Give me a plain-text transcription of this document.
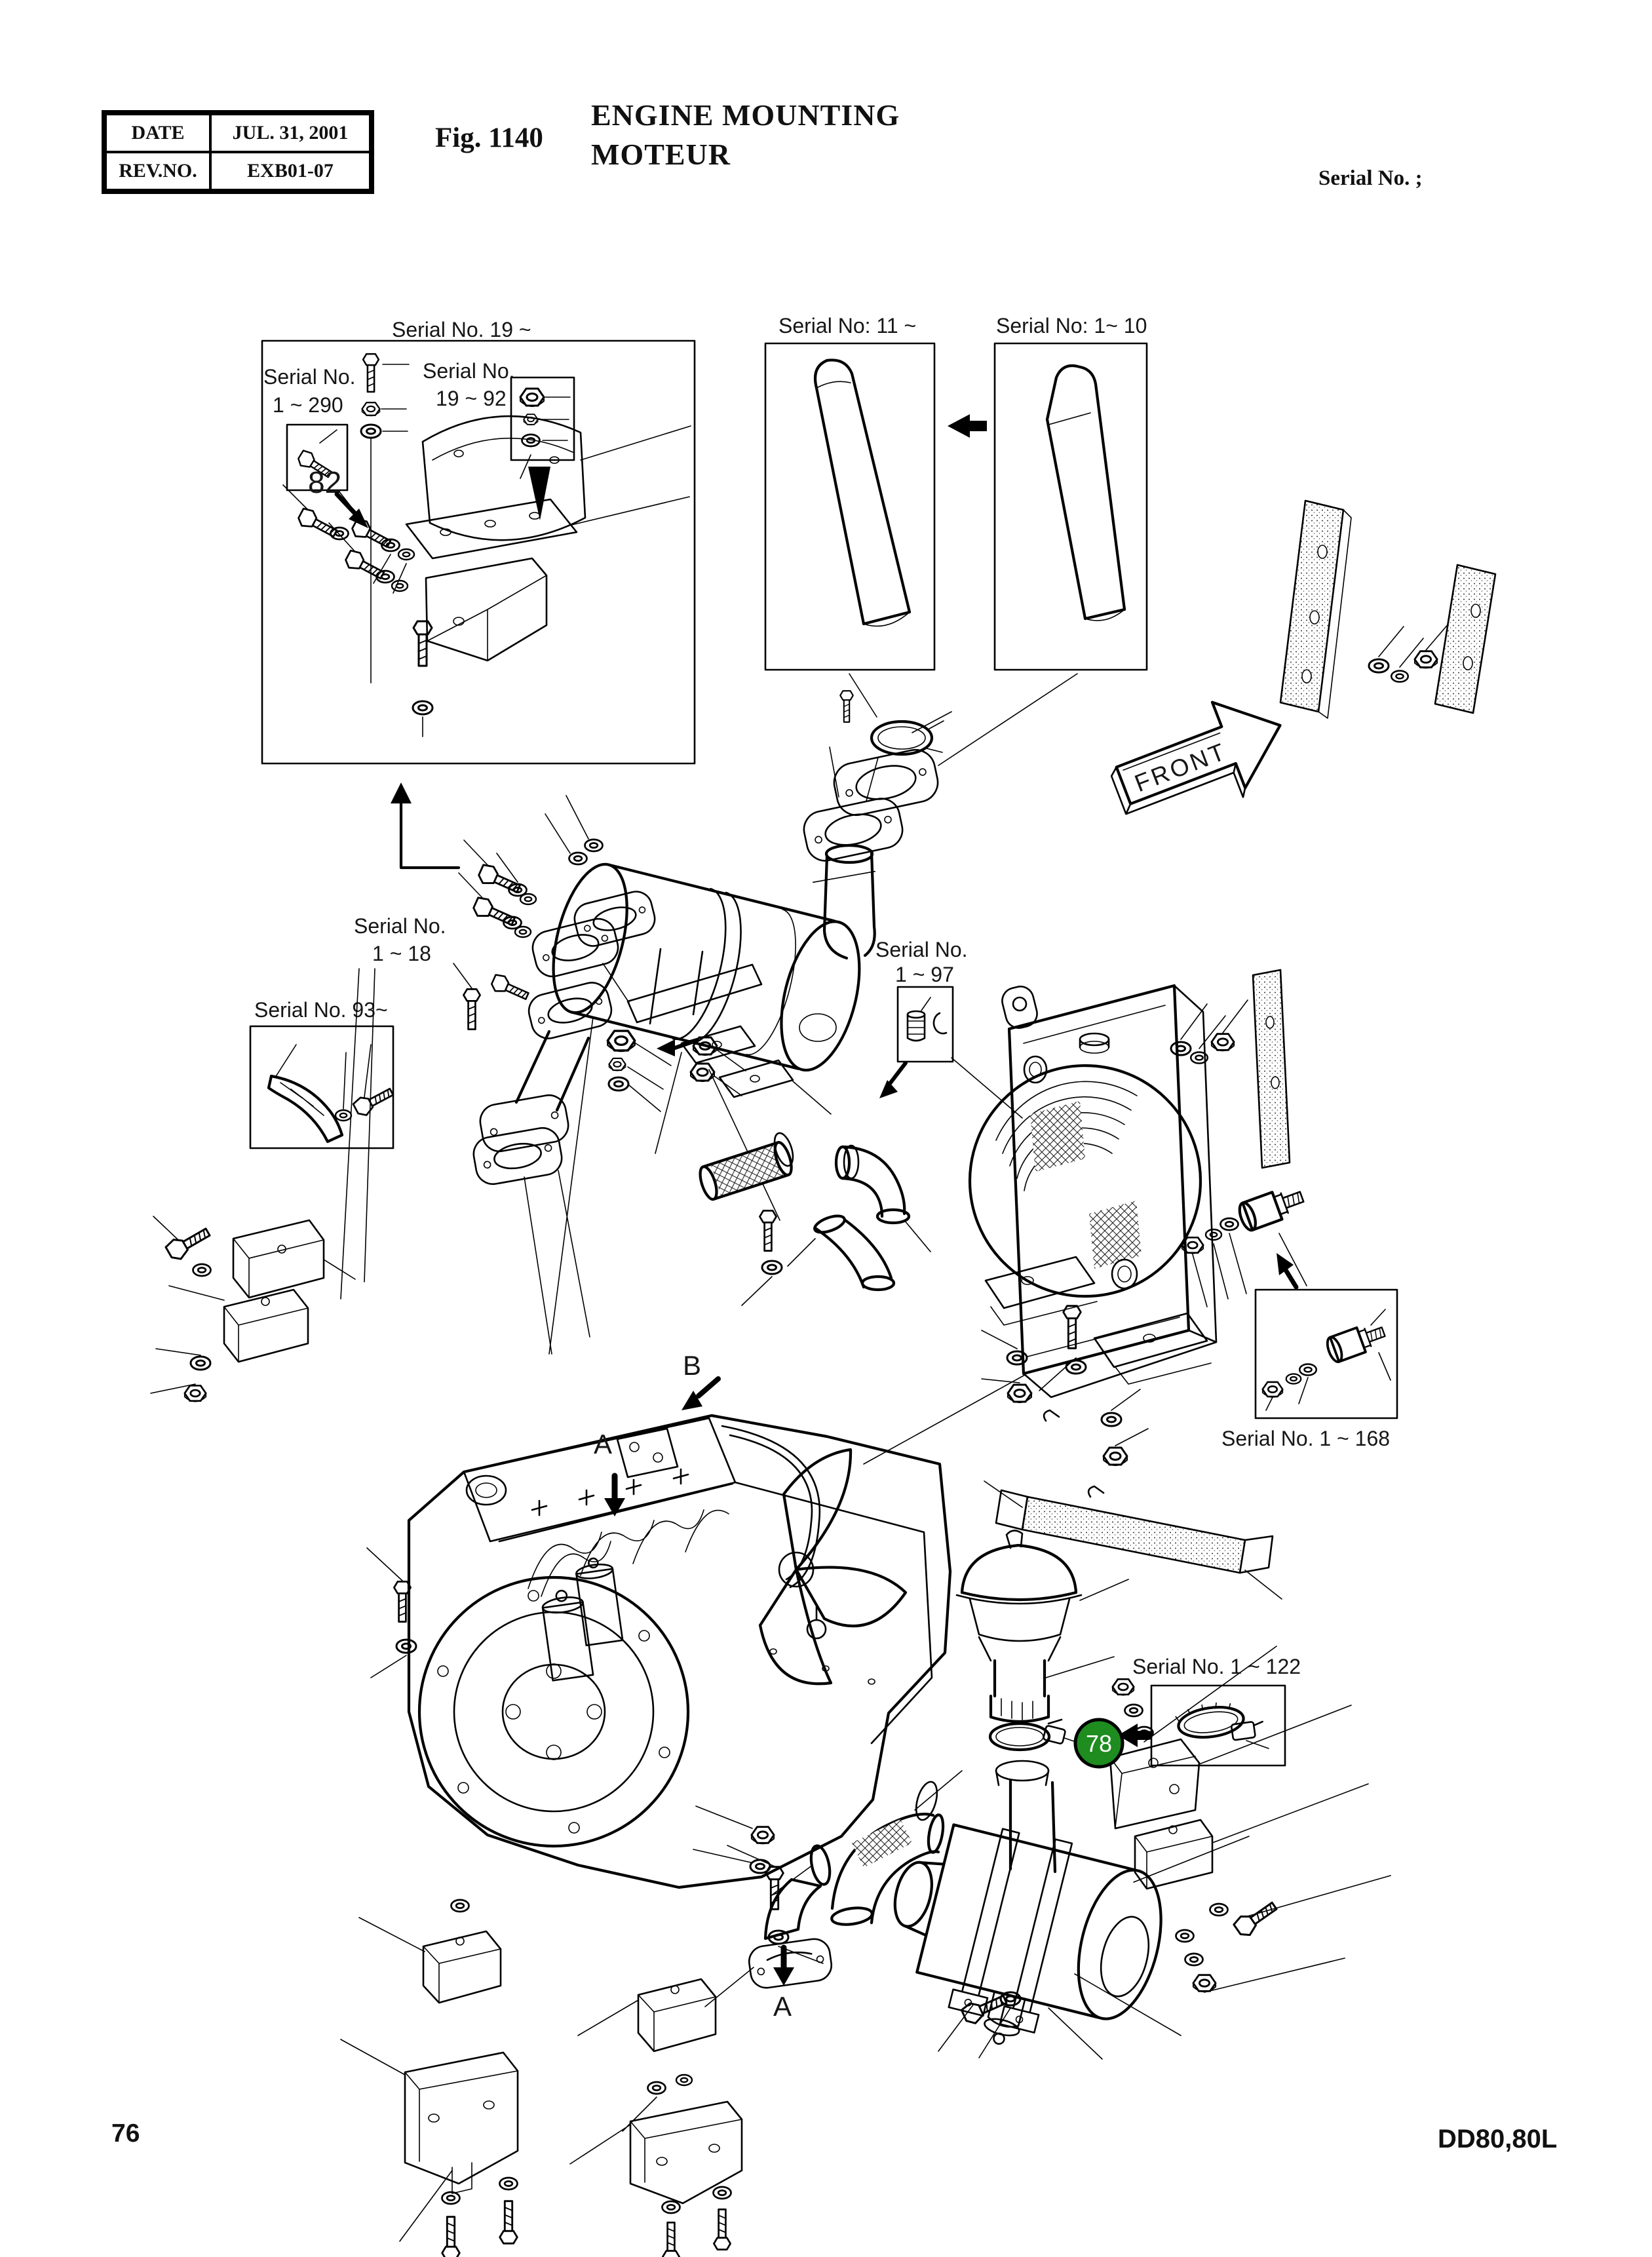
DATE	JUL. 31, 2001
REV.NO.	EXB01-07
Fig. 1140
ENGINE MOUNTING
MOTEUR
Serial No. ;
Serial No. 19 ~
Serial No.
1 ~ 290
82
Serial No.
19 ~ 92
Serial No: 11 ~	Serial No: 1~ 10
FRONT
Serial No.
1 ~ 97
Serial No.
1 ~ 18
Serial No. 93~
Serial No. 1 ~ 168
B
A
78
Serial No. 1 ~ 122
A
76	DD80,80L
